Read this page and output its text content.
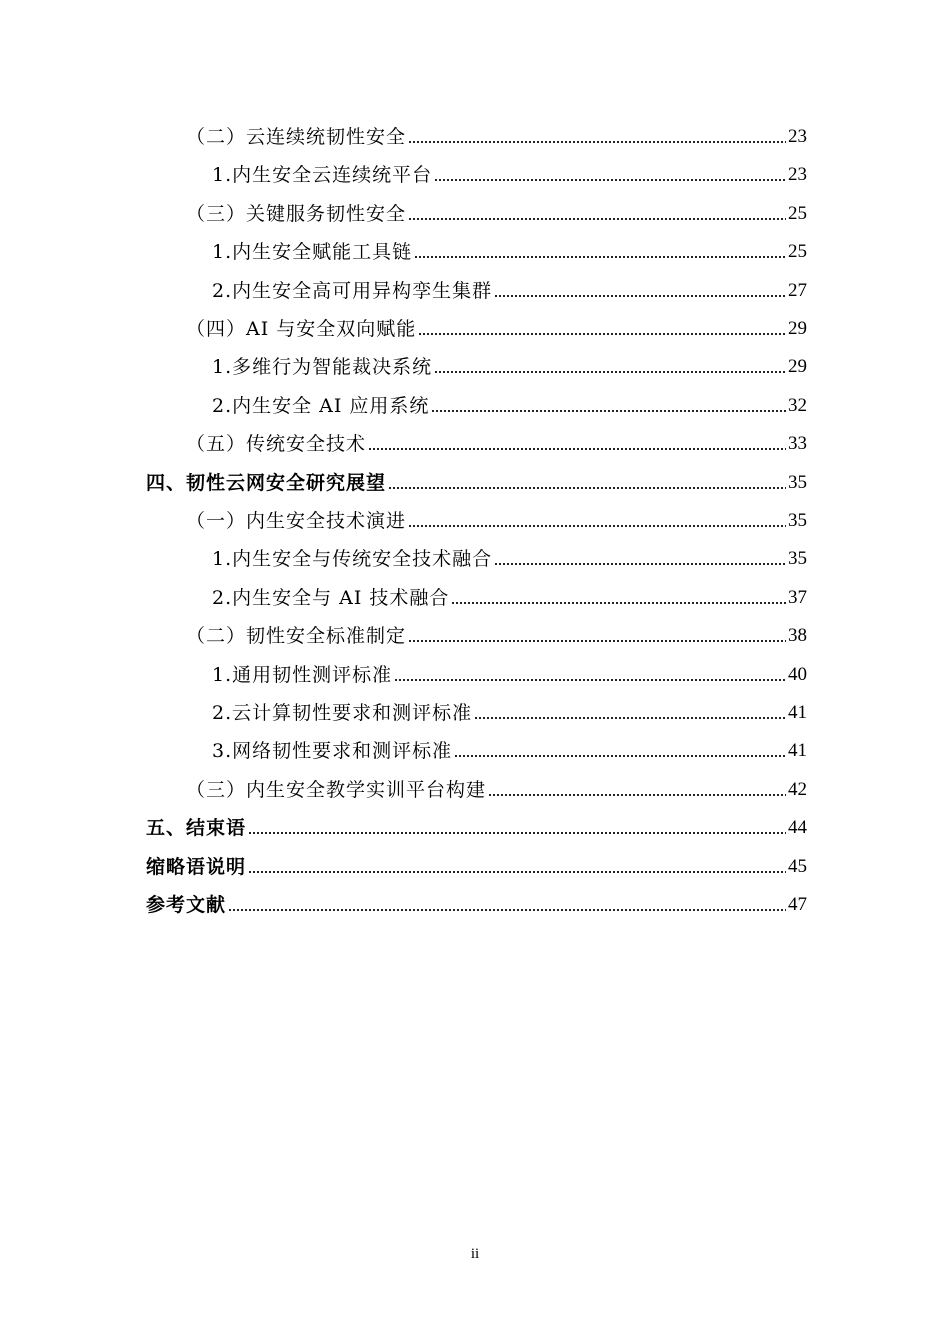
（二）云连续统韧性安全	23
1.内生安全云连续统平台	23
（三）关键服务韧性安全	25
1.内生安全赋能工具链	25
2.内生安全高可用异构孪生集群	27
（四）AI 与安全双向赋能	29
1.多维行为智能裁决系统	29
2.内生安全 AI 应用系统	32
（五）传统安全技术	33
四、韧性云网安全研究展望	35
（一）内生安全技术演进	35
1.内生安全与传统安全技术融合	35
2.内生安全与 AI 技术融合	37
（二）韧性安全标准制定	38
1.通用韧性测评标准	40
2.云计算韧性要求和测评标准	41
3.网络韧性要求和测评标准	41
（三）内生安全教学实训平台构建	42
五、结束语	44
缩略语说明	45
参考文献	47
ii
